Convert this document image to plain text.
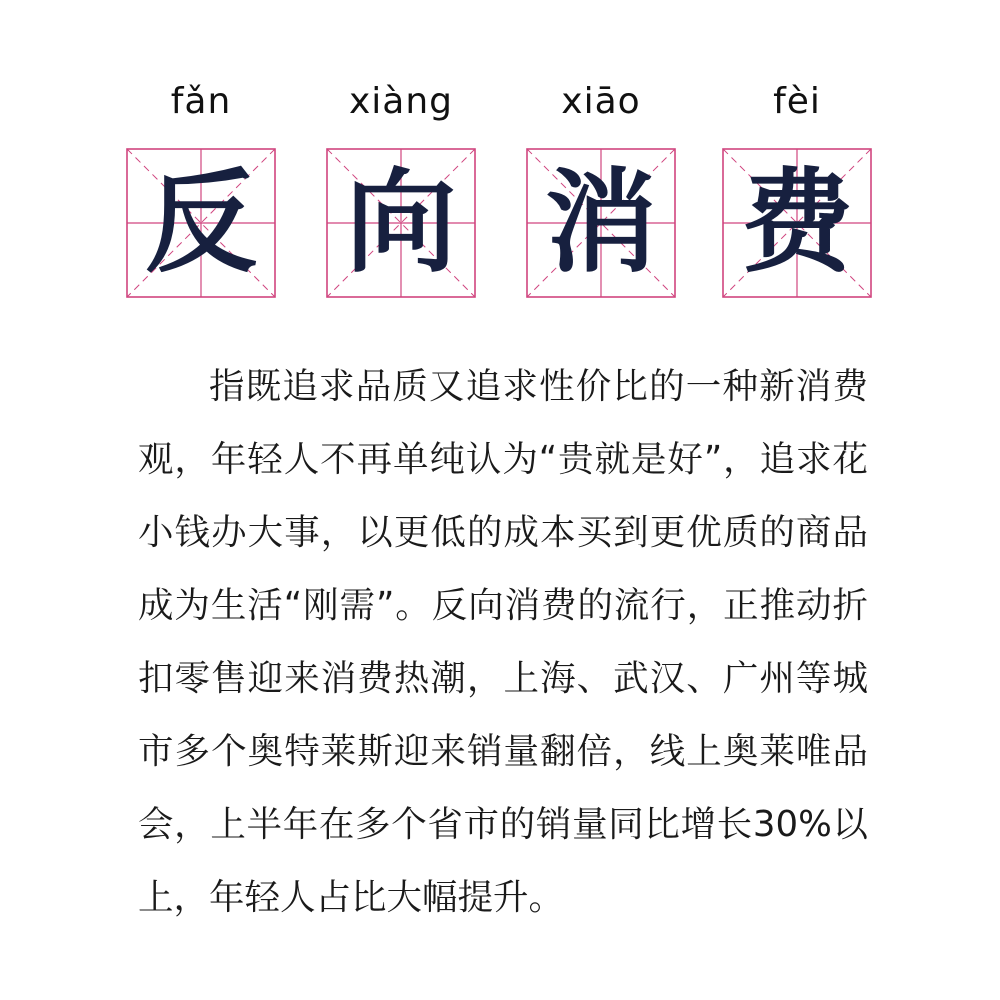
fǎn	xiàng	xiāo	fèi
反 向 消 费

指既追求品质又追求性价比的一种新消费观，年轻人不再单纯认为“贵就是好”，追求花小钱办大事，以更低的成本买到更优质的商品成为生活“刚需”。反向消费的流行，正推动折扣零售迎来消费热潮，上海、武汉、广州等城市多个奥特莱斯迎来销量翻倍，线上奥莱唯品会，上半年在多个省市的销量同比增长30%以上，年轻人占比大幅提升。
